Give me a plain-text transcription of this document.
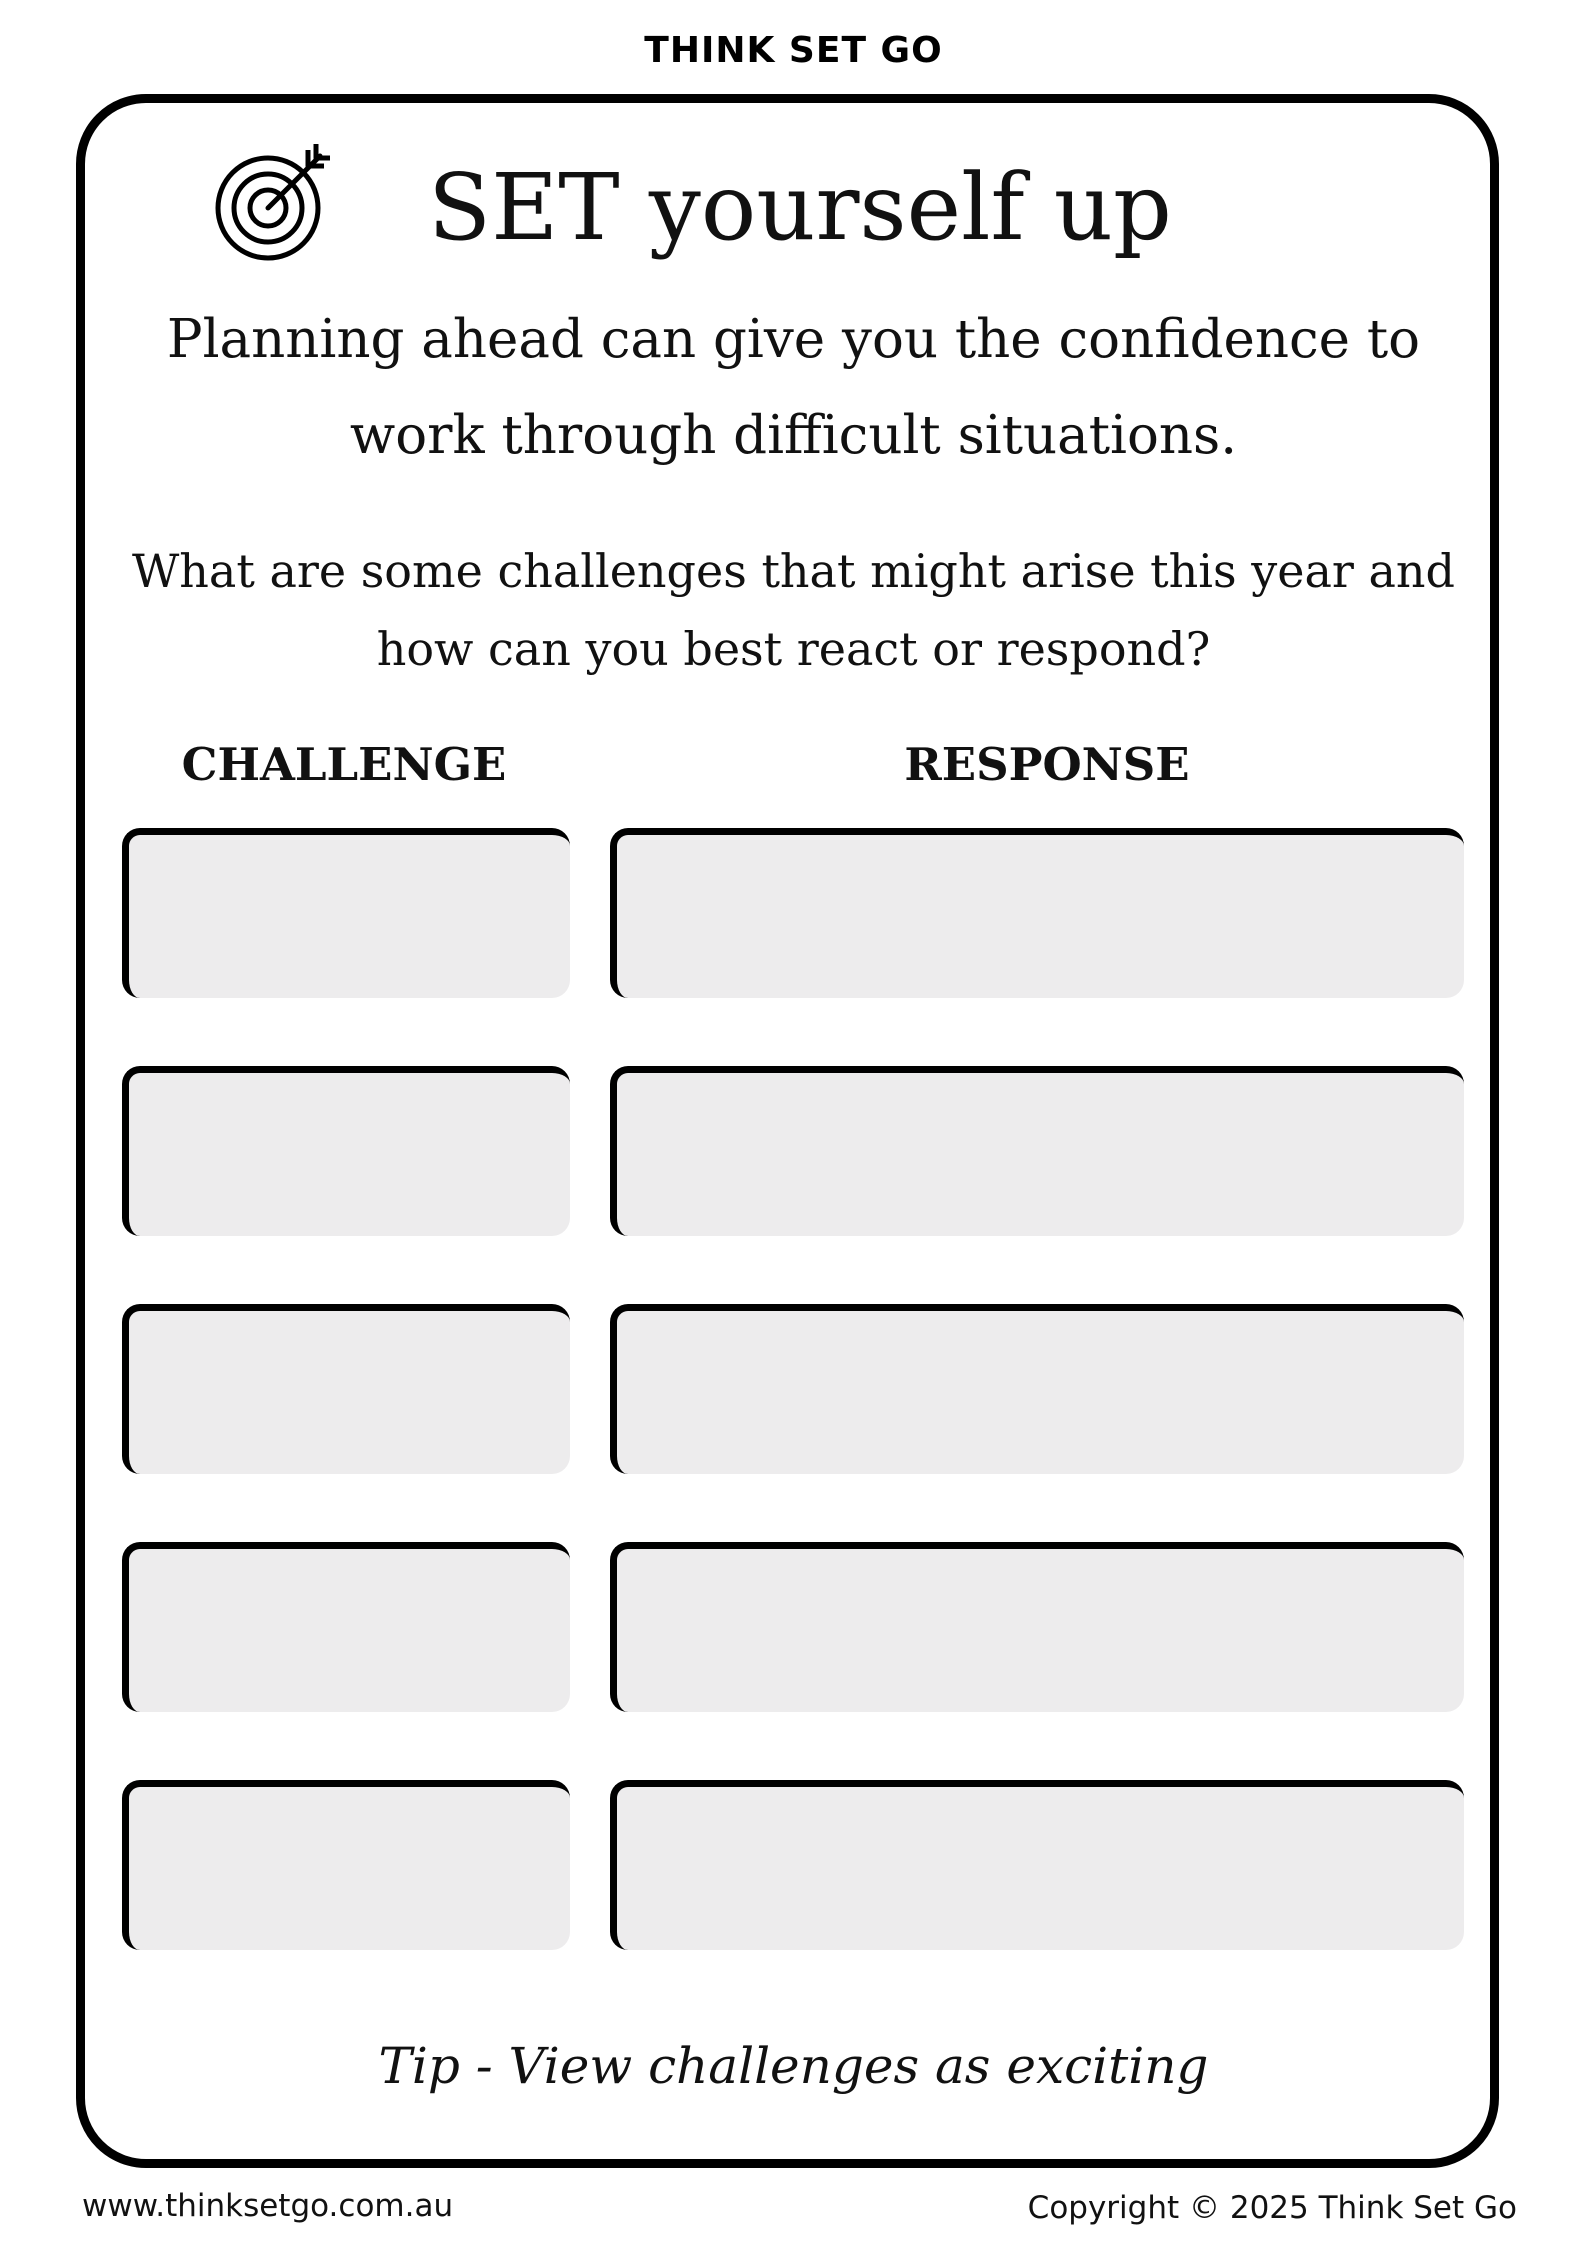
THINK SET GO
SET yourself up
Planning ahead can give you the confidence to work through difficult situations.
What are some challenges that might arise this year and how can you best react or respond?
CHALLENGE	RESPONSE
Tip - View challenges as exciting
www.thinksetgo.com.au	Copyright © 2025 Think Set Go
